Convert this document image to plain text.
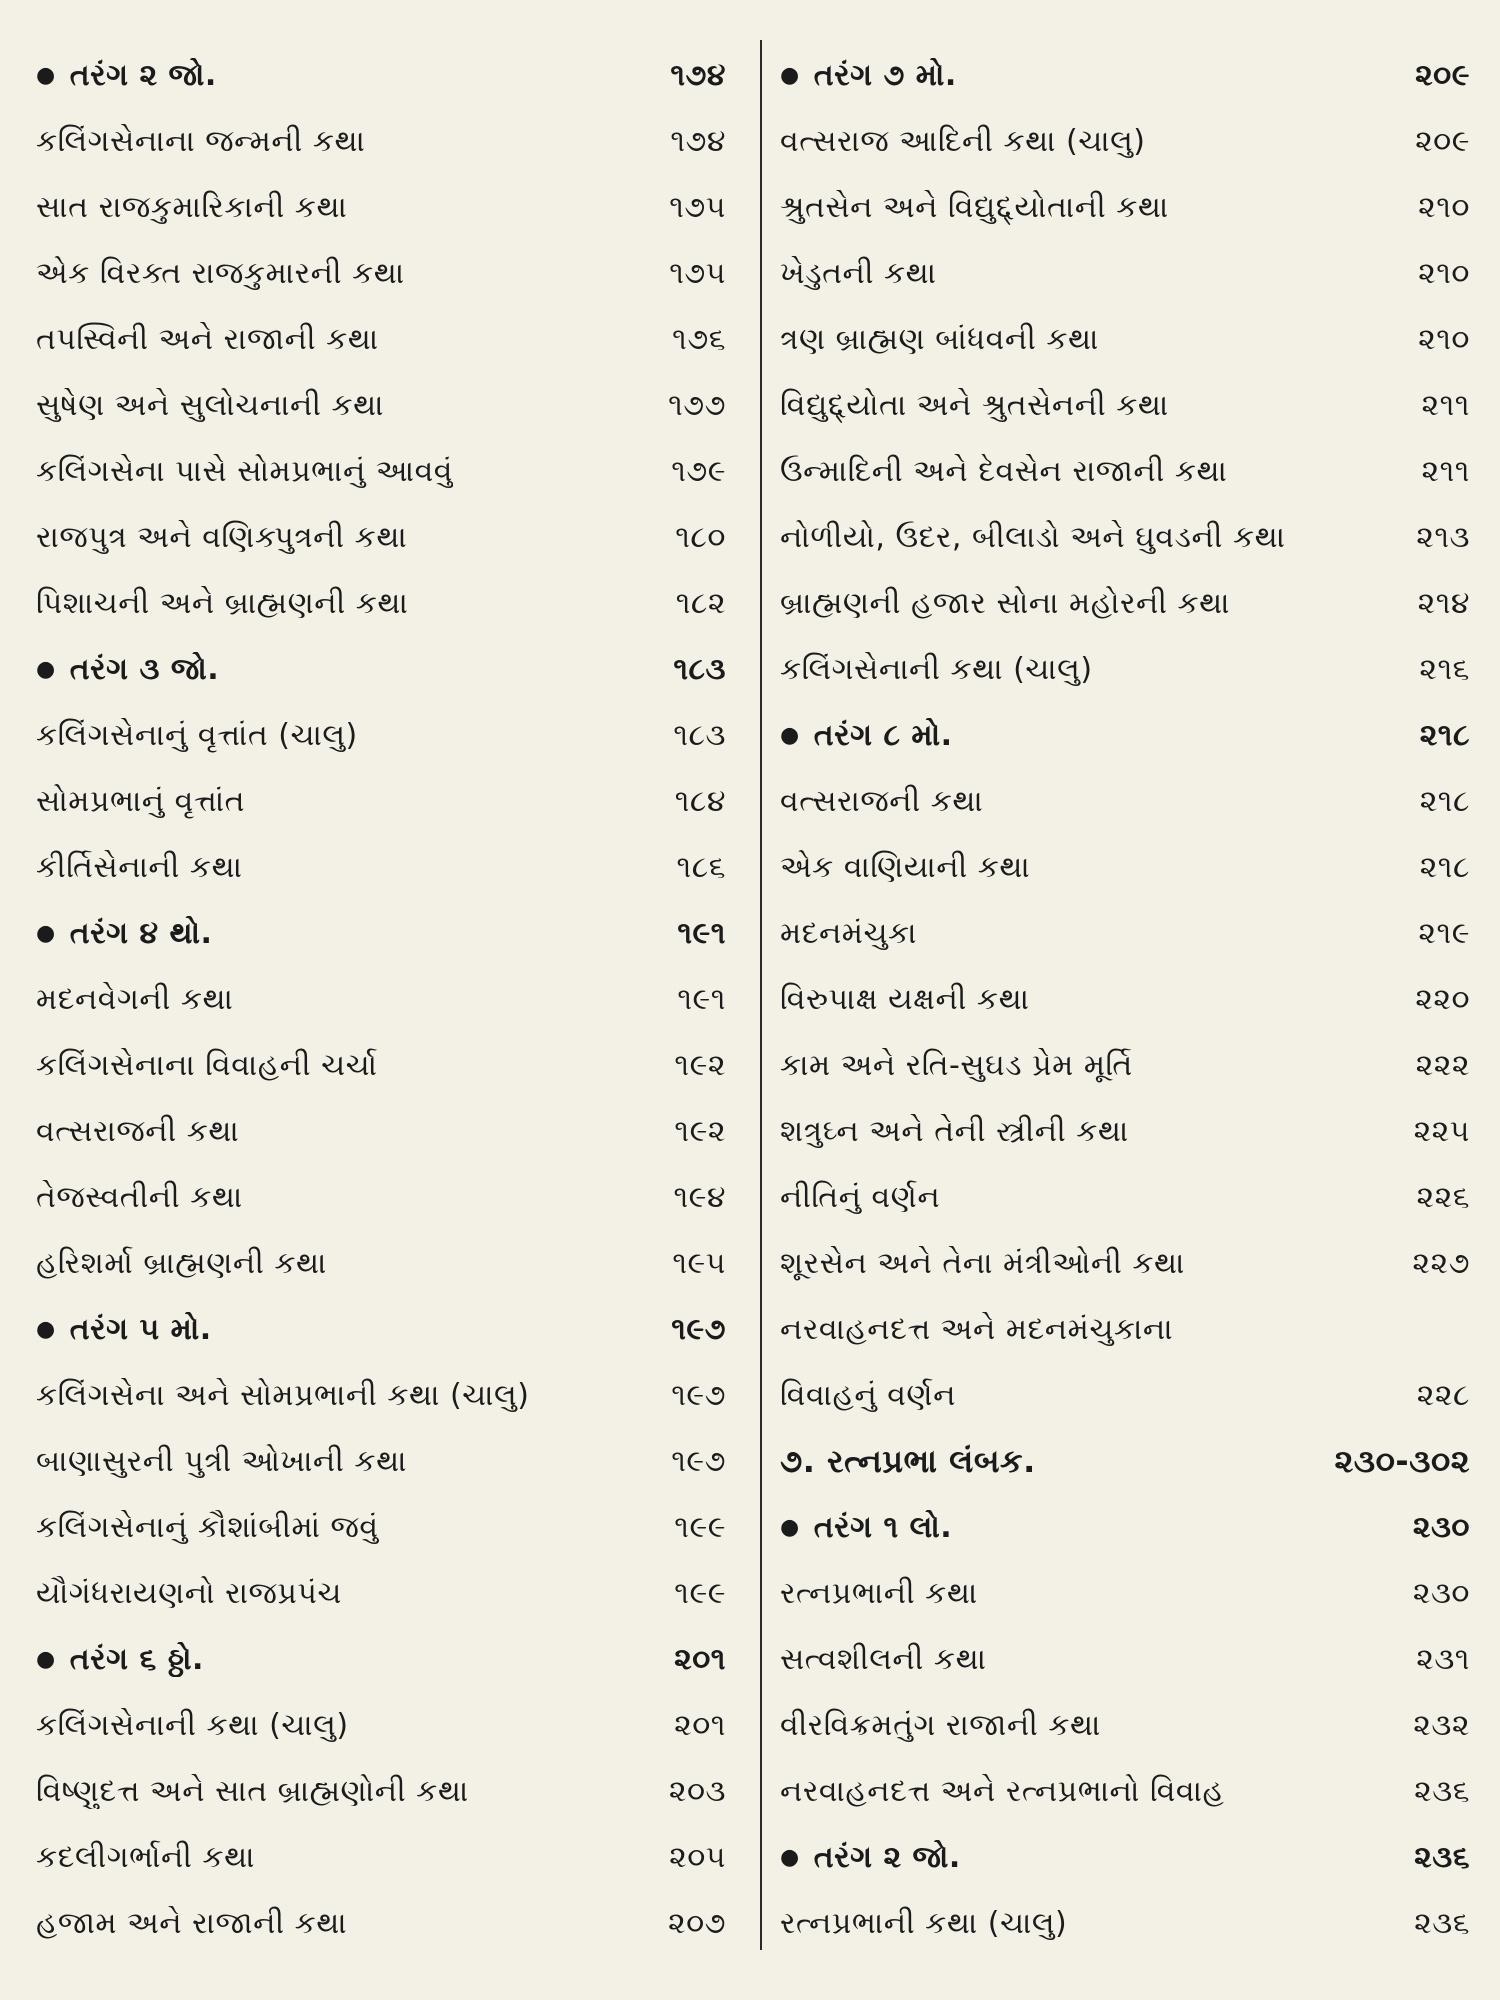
● તરંગ ૨ જો.	૧૭૪
કલિંગસેનાના જન્મની કથા	૧૭૪
સાત રાજકુમારિકાની કથા	૧૭૫
એક વિરક્ત રાજકુમારની કથા	૧૭૫
તપસ્વિની અને રાજાની કથા	૧૭૬
સુષેણ અને સુલોચનાની કથા	૧૭૭
કલિંગસેના પાસે સોમપ્રભાનું આવવું	૧૭૯
રાજપુત્ર અને વણિક્પુત્રની કથા	૧૮૦
પિશાચની અને બ્રાહ્મણની કથા	૧૮૨
● તરંગ ૩ જો.	૧૮૩
કલિંગસેનાનું વૃત્તાંત (ચાલુ)	૧૮૩
સોમપ્રભાનું વૃત્તાંત	૧૮૪
કીર્તિસેનાની કથા	૧૮૬
● તરંગ ૪ થો.	૧૯૧
મદનવેગની કથા	૧૯૧
કલિંગસેનાના વિવાહની ચર્ચા	૧૯૨
વત્સરાજની કથા	૧૯૨
તેજસ્વતીની કથા	૧૯૪
હરિશર્મા બ્રાહ્મણની કથા	૧૯૫
● તરંગ ૫ મો.	૧૯૭
કલિંગસેના અને સોમપ્રભાની કથા (ચાલુ)	૧૯૭
બાણાસુરની પુત્રી ઓખાની કથા	૧૯૭
કલિંગસેનાનું કૌશાંબીમાં જવું	૧૯૯
યૌગંધરાયણનો રાજપ્રપંચ	૧૯૯
● તરંગ ૬ ઠ્ઠો.	૨૦૧
કલિંગસેનાની કથા (ચાલુ)	૨૦૧
વિષ્ણુદત્ત અને સાત બ્રાહ્મણોની કથા	૨૦૩
કદલીગર્ભાની કથા	૨૦૫
હજામ અને રાજાની કથા	૨૦૭
● તરંગ ૭ મો.	૨૦૯
વત્સરાજ આદિની કથા (ચાલુ)	૨૦૯
શ્રુતસેન અને વિદ્યુદ્દ્યોતાની કથા	૨૧૦
ખેડુતની કથા	૨૧૦
ત્રણ બ્રાહ્મણ બાંધવની કથા	૨૧૦
વિદ્યુદ્દ્યોતા અને શ્રુતસેનની કથા	૨૧૧
ઉન્માદિની અને દેવસેન રાજાની કથા	૨૧૧
નોળીયો, ઉંદર, બીલાડો અને ઘુવડની કથા	૨૧૩
બ્રાહ્મણની હજાર સોના મહોરની કથા	૨૧૪
કલિંગસેનાની કથા (ચાલુ)	૨૧૬
● તરંગ ૮ મો.	૨૧૮
વત્સરાજની કથા	૨૧૮
એક વાણિયાની કથા	૨૧૮
મદનમંચુકા	૨૧૯
વિરુપાક્ષ યક્ષની કથા	૨૨૦
કામ અને રતિ-સુઘડ પ્રેમ મૂર્તિ	૨૨૨
શત્રુઘ્ન અને તેની સ્ત્રીની કથા	૨૨૫
નીતિનું વર્ણન	૨૨૬
શૂરસેન અને તેના મંત્રીઓની કથા	૨૨૭
નરવાહનદત્ત અને મદનમંચુકાના
વિવાહનું વર્ણન	૨૨૮
૭. રત્નપ્રભા લંબક.	૨૩૦-૩૦૨
● તરંગ ૧ લો.	૨૩૦
રત્નપ્રભાની કથા	૨૩૦
સત્વશીલની કથા	૨૩૧
વીરવિક્રમતુંગ રાજાની કથા	૨૩૨
નરવાહનદત્ત અને રત્નપ્રભાનો વિવાહ	૨૩૬
● તરંગ ૨ જો.	૨૩૬
રત્નપ્રભાની કથા (ચાલુ)	૨૩૬
